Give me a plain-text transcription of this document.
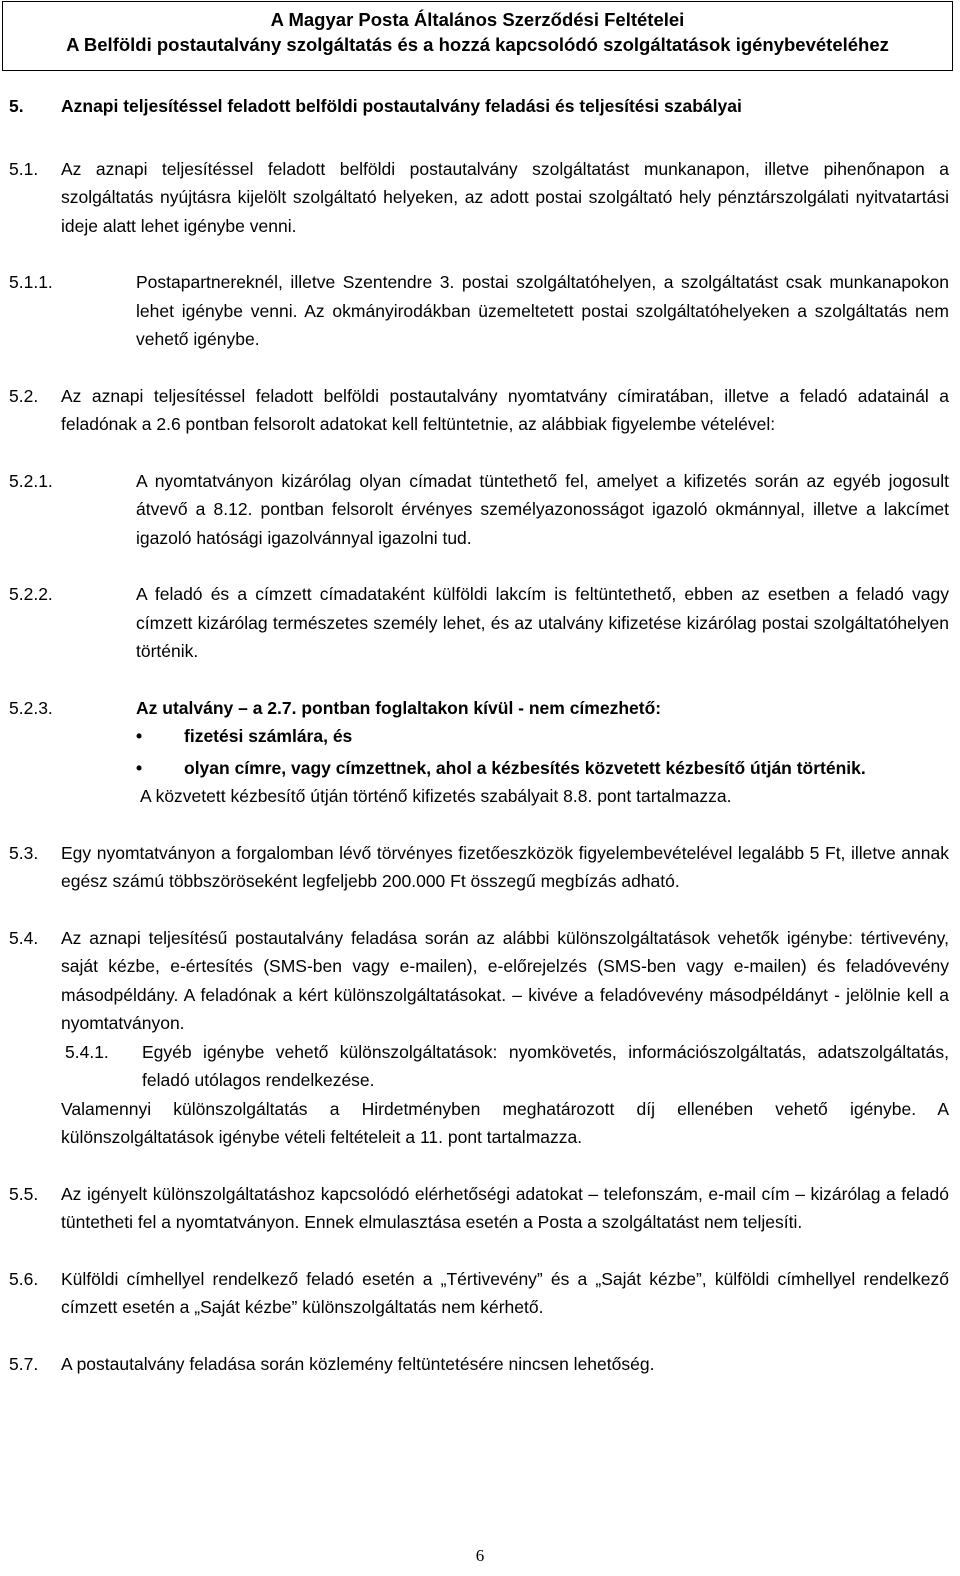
A Magyar Posta Általános Szerződési Feltételei
A Belföldi postautalvány szolgáltatás és a hozzá kapcsolódó szolgáltatások igénybevételéhez
5.	Aznapi teljesítéssel feladott belföldi postautalvány feladási és teljesítési szabályai
5.1.	Az aznapi teljesítéssel feladott belföldi postautalvány szolgáltatást munkanapon, illetve pihenőnapon a szolgáltatás nyújtásra kijelölt szolgáltató helyeken, az adott postai szolgáltató hely pénztárszolgálati nyitvatartási ideje alatt lehet igénybe venni.
5.1.1.	Postapartnereknél, illetve Szentendre 3. postai szolgáltatóhelyen, a szolgáltatást csak munkanapokon lehet igénybe venni. Az okmányirodákban üzemeltetett postai szolgáltatóhelyeken a szolgáltatás nem vehető igénybe.
5.2.	Az aznapi teljesítéssel feladott belföldi postautalvány nyomtatvány címiratában, illetve a feladó adatainál a feladónak a 2.6 pontban felsorolt adatokat kell feltüntetnie, az alábbiak figyelembe vételével:
5.2.1.	A nyomtatványon kizárólag olyan címadat tüntethető fel, amelyet a kifizetés során az egyéb jogosult átvevő a 8.12. pontban felsorolt érvényes személyazonosságot igazoló okmánnyal, illetve a lakcímet igazoló hatósági igazolvánnyal igazolni tud.
5.2.2.	A feladó és a címzett címadataként külföldi lakcím is feltüntethető, ebben az esetben a feladó vagy címzett kizárólag természetes személy lehet, és az utalvány kifizetése kizárólag postai szolgáltatóhelyen történik.
5.2.3.	Az utalvány – a 2.7. pontban foglaltakon kívül - nem címezhető:
•	fizetési számlára, és
•	olyan címre, vagy címzettnek, ahol a kézbesítés közvetett kézbesítő útján történik.
A közvetett kézbesítő útján történő kifizetés szabályait 8.8. pont tartalmazza.
5.3.	Egy nyomtatványon a forgalomban lévő törvényes fizetőeszközök figyelembevételével legalább 5 Ft, illetve annak egész számú többszöröseként legfeljebb 200.000 Ft összegű megbízás adható.
5.4.	Az aznapi teljesítésű postautalvány feladása során az alábbi különszolgáltatások vehetők igénybe: tértivevény, saját kézbe, e-értesítés (SMS-ben vagy e-mailen), e-előrejelzés (SMS-ben vagy e-mailen) és feladóvevény másodpéldány. A feladónak a kért különszolgáltatásokat. – kivéve a feladóvevény másodpéldányt - jelölnie kell a nyomtatványon.
5.4.1.	Egyéb igénybe vehető különszolgáltatások: nyomkövetés, információszolgáltatás, adatszolgáltatás, feladó utólagos rendelkezése.
Valamennyi különszolgáltatás a Hirdetményben meghatározott díj ellenében vehető igénybe. A különszolgáltatások igénybe vételi feltételeit a 11. pont tartalmazza.
5.5.	Az igényelt különszolgáltatáshoz kapcsolódó elérhetőségi adatokat – telefonszám, e-mail cím – kizárólag a feladó tüntetheti fel a nyomtatványon. Ennek elmulasztása esetén a Posta a szolgáltatást nem teljesíti.
5.6.	Külföldi címhellyel rendelkező feladó esetén a „Tértivevény” és a „Saját kézbe”, külföldi címhellyel rendelkező címzett esetén a „Saját kézbe” különszolgáltatás nem kérhető.
5.7.	A postautalvány feladása során közlemény feltüntetésére nincsen lehetőség.
6
